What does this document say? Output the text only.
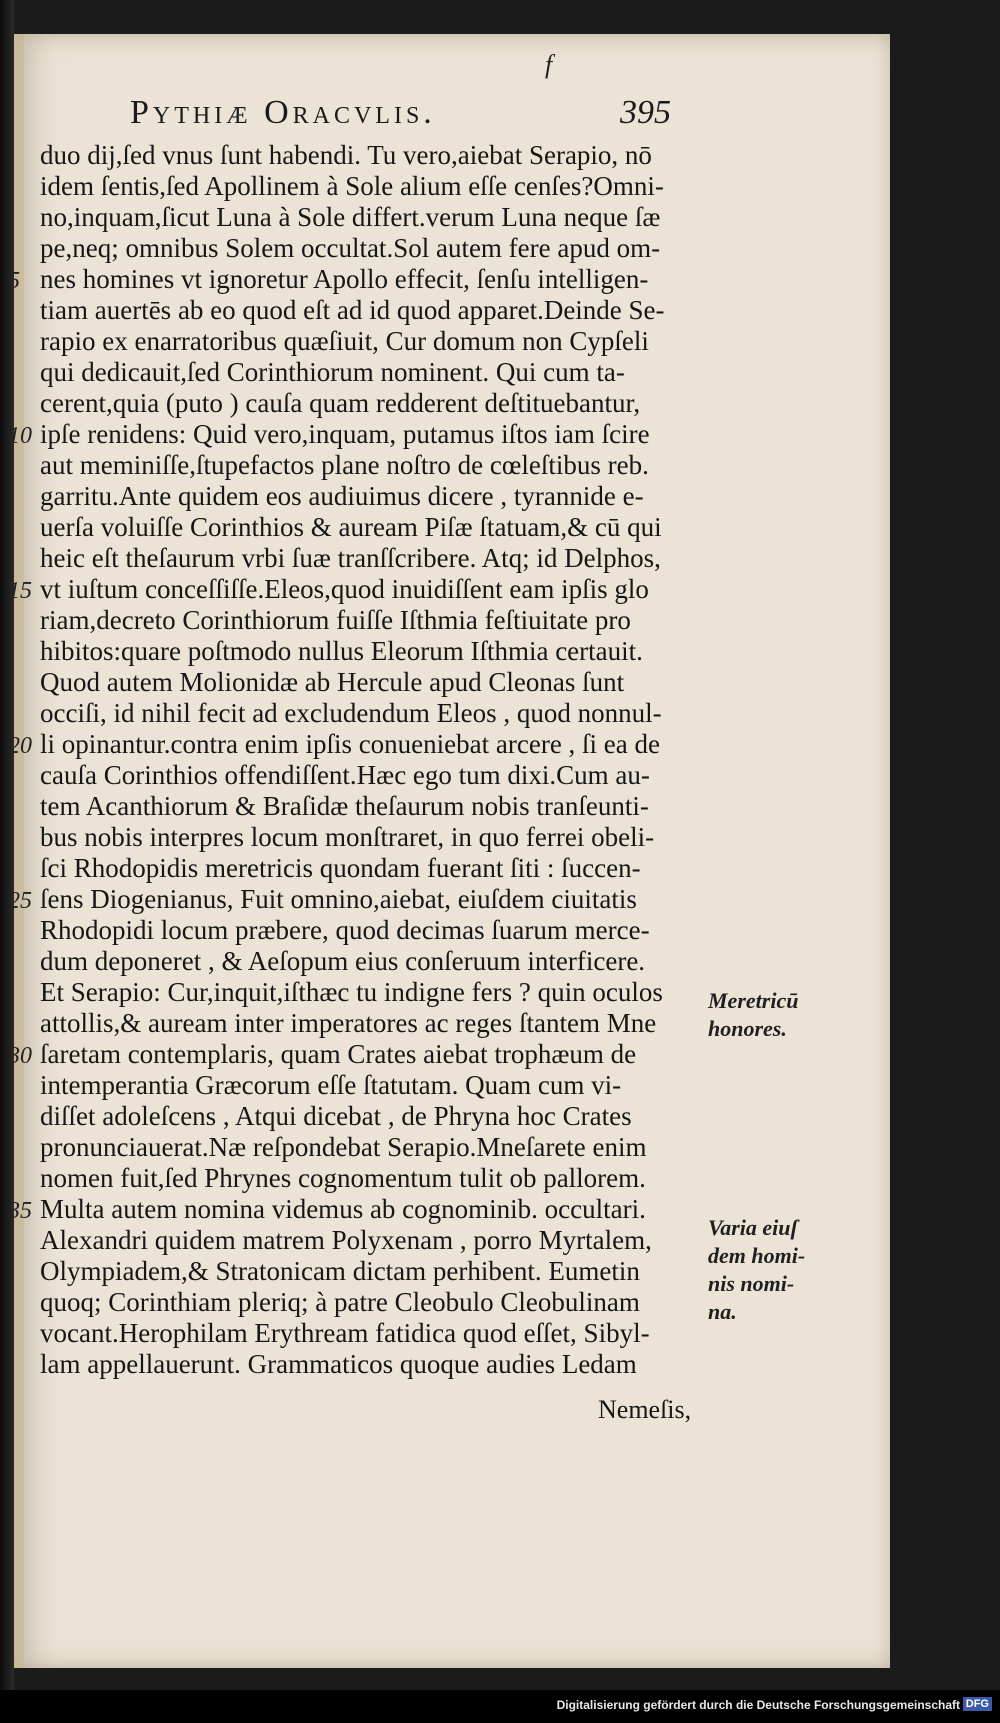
f
Pythiæ Oracvlis.	395
duo dij,ſed vnus ſunt habendi. Tu vero,aiebat Serapio, nō
idem ſentis,ſed Apollinem à Sole alium eſſe cenſes?Omni-
no,inquam,ſicut Luna à Sole differt.verum Luna neque ſæ
pe,neq; omnibus Solem occultat.Sol autem fere apud om-
nes homines vt ignoretur Apollo effecit, ſenſu intelligen-
tiam auertēs ab eo quod eſt ad id quod apparet.Deinde Se-
rapio ex enarratoribus quæſiuit, Cur domum non Cypſeli
qui dedicauit,ſed Corinthiorum nominent. Qui cum ta-
cerent,quia (puto ) cauſa quam redderent deſtituebantur,
ipſe renidens: Quid vero,inquam, putamus iſtos iam ſcire
aut meminiſſe,ſtupefactos plane noſtro de cœleſtibus reb.
garritu.Ante quidem eos audiuimus dicere , tyrannide e-
uerſa voluiſſe Corinthios & auream Piſæ ſtatuam,& cū qui
heic eſt theſaurum vrbi ſuæ tranſſcribere. Atq; id Delphos,
vt iuſtum conceſſiſſe.Eleos,quod inuidiſſent eam ipſis glo
riam,decreto Corinthiorum fuiſſe Iſthmia feſtiuitate pro
hibitos:quare poſtmodo nullus Eleorum Iſthmia certauit.
Quod autem Molionidæ ab Hercule apud Cleonas ſunt
occiſi, id nihil fecit ad excludendum Eleos , quod nonnul-
li opinantur.contra enim ipſis conueniebat arcere , ſi ea de
cauſa Corinthios offendiſſent.Hæc ego tum dixi.Cum au-
tem Acanthiorum & Braſidæ theſaurum nobis tranſeunti-
bus nobis interpres locum monſtraret, in quo ferrei obeli-
ſci Rhodopidis meretricis quondam fuerant ſiti : ſuccen-
ſens Diogenianus, Fuit omnino,aiebat, eiuſdem ciuitatis
Rhodopidi locum præbere, quod decimas ſuarum merce-
dum deponeret , & Aeſopum eius conſeruum interficere.
Et Serapio: Cur,inquit,iſthæc tu indigne fers ? quin oculos
attollis,& auream inter imperatores ac reges ſtantem Mne
ſaretam contemplaris, quam Crates aiebat trophæum de
intemperantia Græcorum eſſe ſtatutam. Quam cum vi-
diſſet adoleſcens , Atqui dicebat , de Phryna hoc Crates
pronunciauerat.Næ reſpondebat Serapio.Mneſarete enim
nomen fuit,ſed Phrynes cognomentum tulit ob pallorem.
Multa autem nomina videmus ab cognominib. occultari.
Alexandri quidem matrem Polyxenam , porro Myrtalem,
Olympiadem,& Stratonicam dictam perhibent. Eumetin
quoq; Corinthiam pleriq; à patre Cleobulo Cleobulinam
vocant.Herophilam Erythream fatidica quod eſſet, Sibyl-
lam appellauerunt. Grammaticos quoque audies Ledam
5
10
15
20
25
30
35
Meretricū
honores.
Varia eiuſ
dem homi-
nis nomi-
na.
Nemeſis,
Digitalisierung gefördert durch die Deutsche Forschungsgemeinschaft DFG
